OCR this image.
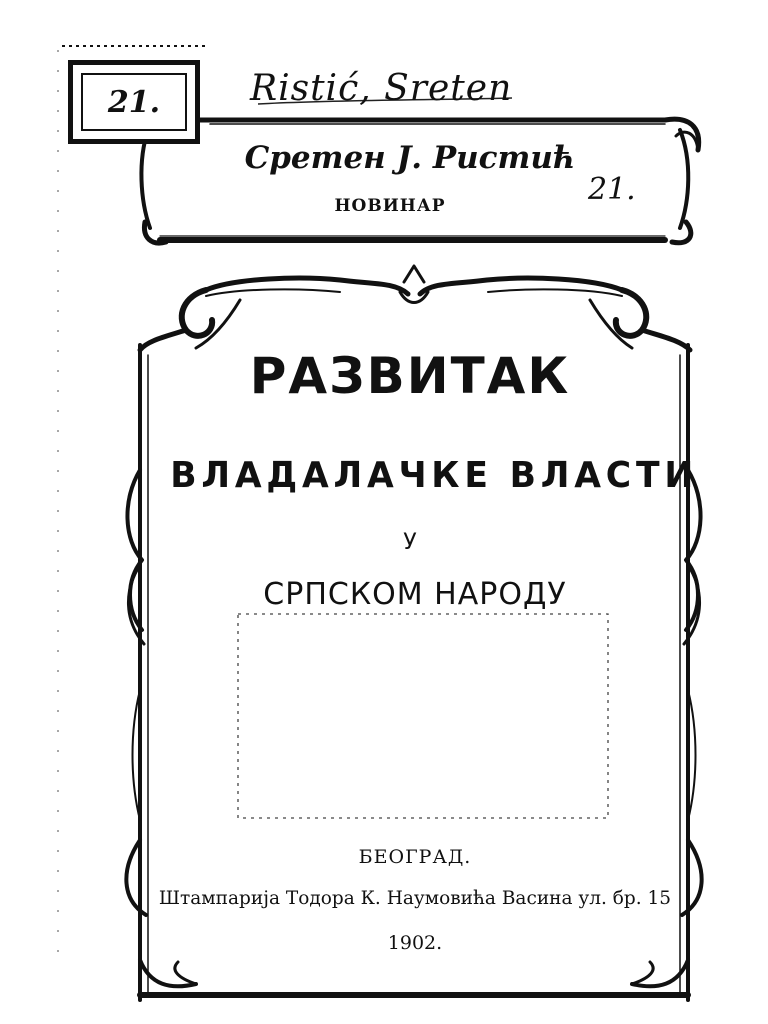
21. Ristić, Sreten
21.
Сретен Ј. Ристић
НОВИНАР
РАЗВИТАК
ВЛАДАЛАЧКЕ ВЛАСТИ
У
СРПСКОМ НАРОДУ
БЕОГРАД.
Штампарија Тодора К. Наумовића Васина ул. бр. 15
1902.
